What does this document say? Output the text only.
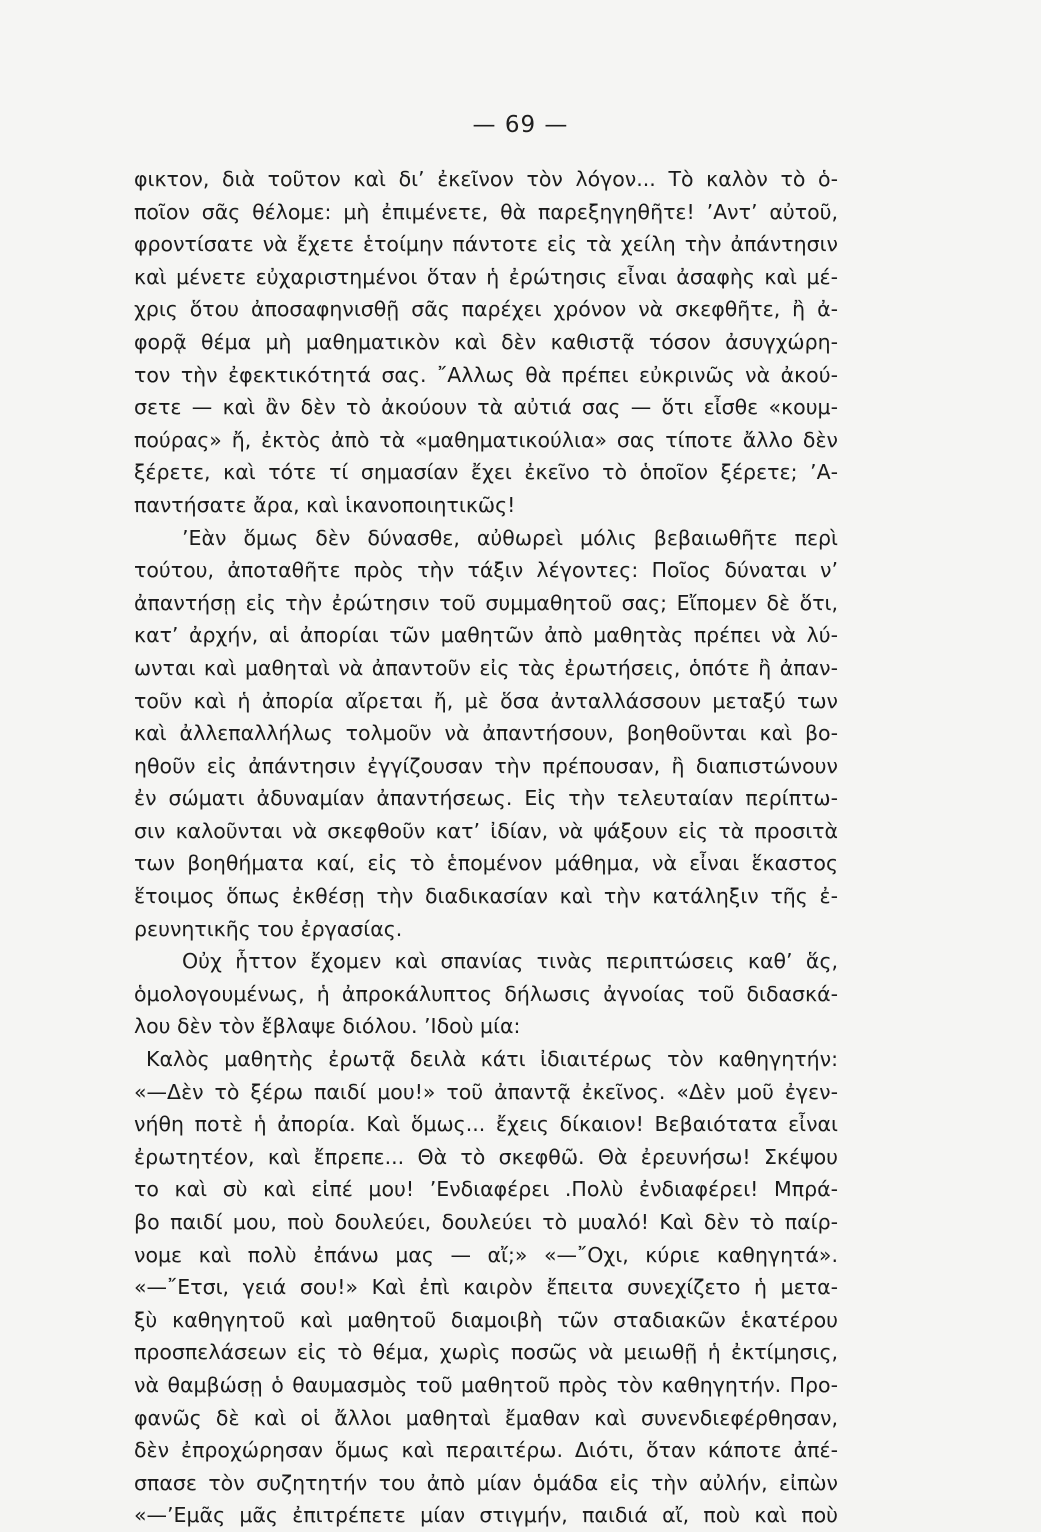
— 69 —
φικτον, διὰ τοῦτον καὶ δι’ ἐκεῖνον τὸν λόγον... Τὸ καλὸν τὸ ὁ-
ποῖον σᾶς θέλομε: μὴ ἐπιμένετε, θὰ παρεξηγηθῆτε! ’Αντ’ αὐτοῦ,
φροντίσατε νὰ ἔχετε ἑτοίμην πάντοτε εἰς τὰ χείλη τὴν ἀπάντησιν
καὶ μένετε εὐχαριστημένοι ὅταν ἡ ἐρώτησις εἶναι ἀσαφὴς καὶ μέ-
χρις ὅτου ἀποσαφηνισθῇ σᾶς παρέχει χρόνον νὰ σκεφθῆτε, ἢ ἀ-
φορᾷ θέμα μὴ μαθηματικὸν καὶ δὲν καθιστᾷ τόσον ἀσυγχώρη-
τον τὴν ἐφεκτικότητά σας. ῎Αλλως θὰ πρέπει εὐκρινῶς νὰ ἀκού-
σετε — καὶ ἂν δὲν τὸ ἀκούουν τὰ αὐτιά σας — ὅτι εἶσθε «κουμ-
πούρας» ἤ, ἐκτὸς ἀπὸ τὰ «μαθηματικούλια» σας τίποτε ἄλλο δὲν
ξέρετε, καὶ τότε τί σημασίαν ἔχει ἐκεῖνο τὸ ὁποῖον ξέρετε; ’Α-
παντήσατε ἄρα, καὶ ἱκανοποιητικῶς!
’Εὰν ὅμως δὲν δύνασθε, αὐθωρεὶ μόλις βεβαιωθῆτε περὶ
τούτου, ἀποταθῆτε πρὸς τὴν τάξιν λέγοντες: Ποῖος δύναται ν’
ἀπαντήσῃ εἰς τὴν ἐρώτησιν τοῦ συμμαθητοῦ σας; Εἴπομεν δὲ ὅτι,
κατ’ ἀρχήν, αἱ ἀπορίαι τῶν μαθητῶν ἀπὸ μαθητὰς πρέπει νὰ λύ-
ωνται καὶ μαθηταὶ νὰ ἀπαντοῦν εἰς τὰς ἐρωτήσεις, ὁπότε ἢ ἀπαν-
τοῦν καὶ ἡ ἀπορία αἴρεται ἤ, μὲ ὅσα ἀνταλλάσσουν μεταξύ των
καὶ ἀλλεπαλλήλως τολμοῦν νὰ ἀπαντήσουν, βοηθοῦνται καὶ βο-
ηθοῦν εἰς ἀπάντησιν ἐγγίζουσαν τὴν πρέπουσαν, ἢ διαπιστώνουν
ἐν σώματι ἀδυναμίαν ἀπαντήσεως. Εἰς τὴν τελευταίαν περίπτω-
σιν καλοῦνται νὰ σκεφθοῦν κατ’ ἰδίαν, νὰ ψάξουν εἰς τὰ προσιτὰ
των βοηθήματα καί, εἰς τὸ ἑπομένον μάθημα, νὰ εἶναι ἕκαστος
ἕτοιμος ὅπως ἐκθέσῃ τὴν διαδικασίαν καὶ τὴν κατάληξιν τῆς ἐ-
ρευνητικῆς του ἐργασίας.
Οὐχ ἧττον ἔχομεν καὶ σπανίας τινὰς περιπτώσεις καθ’ ἅς,
ὁμολογουμένως, ἡ ἀπροκάλυπτος δήλωσις ἀγνοίας τοῦ διδασκά-
λου δὲν τὸν ἔβλαψε διόλου. ’Ιδοὺ μία:
Καλὸς μαθητὴς ἐρωτᾷ δειλὰ κάτι ἰδιαιτέρως τὸν καθηγητήν:
«—Δὲν τὸ ξέρω παιδί μου!» τοῦ ἀπαντᾷ ἐκεῖνος. «Δὲν μοῦ ἐγεν-
νήθη ποτὲ ἡ ἀπορία. Καὶ ὅμως... ἔχεις δίκαιον! Βεβαιότατα εἶναι
ἐρωτητέον, καὶ ἔπρεπε... Θὰ τὸ σκεφθῶ. Θὰ ἐρευνήσω! Σκέψου
το καὶ σὺ καὶ εἰπέ μου! ’Ενδιαφέρει .Πολὺ ἐνδιαφέρει! Μπρά-
βο παιδί μου, ποὺ δουλεύει, δουλεύει τὸ μυαλό! Καὶ δὲν τὸ παίρ-
νομε καὶ πολὺ ἐπάνω μας — αἴ;» «—῎Οχι, κύριε καθηγητά».
«—῎Ετσι, γειά σου!» Καὶ ἐπὶ καιρὸν ἔπειτα συνεχίζετο ἡ μετα-
ξὺ καθηγητοῦ καὶ μαθητοῦ διαμοιβὴ τῶν σταδιακῶν ἑκατέρου
προσπελάσεων εἰς τὸ θέμα, χωρὶς ποσῶς νὰ μειωθῇ ἡ ἐκτίμησις,
νὰ θαμβώσῃ ὁ θαυμασμὸς τοῦ μαθητοῦ πρὸς τὸν καθηγητήν. Προ-
φανῶς δὲ καὶ οἱ ἄλλοι μαθηταὶ ἔμαθαν καὶ συνενδιεφέρθησαν,
δὲν ἐπροχώρησαν ὅμως καὶ περαιτέρω. Διότι, ὅταν κάποτε ἀπέ-
σπασε τὸν συζητητήν του ἀπὸ μίαν ὁμάδα εἰς τὴν αὐλήν, εἰπὼν
«—’Εμᾶς μᾶς ἐπιτρέπετε μίαν στιγμήν, παιδιά αἴ, ποὺ καὶ ποὺ
